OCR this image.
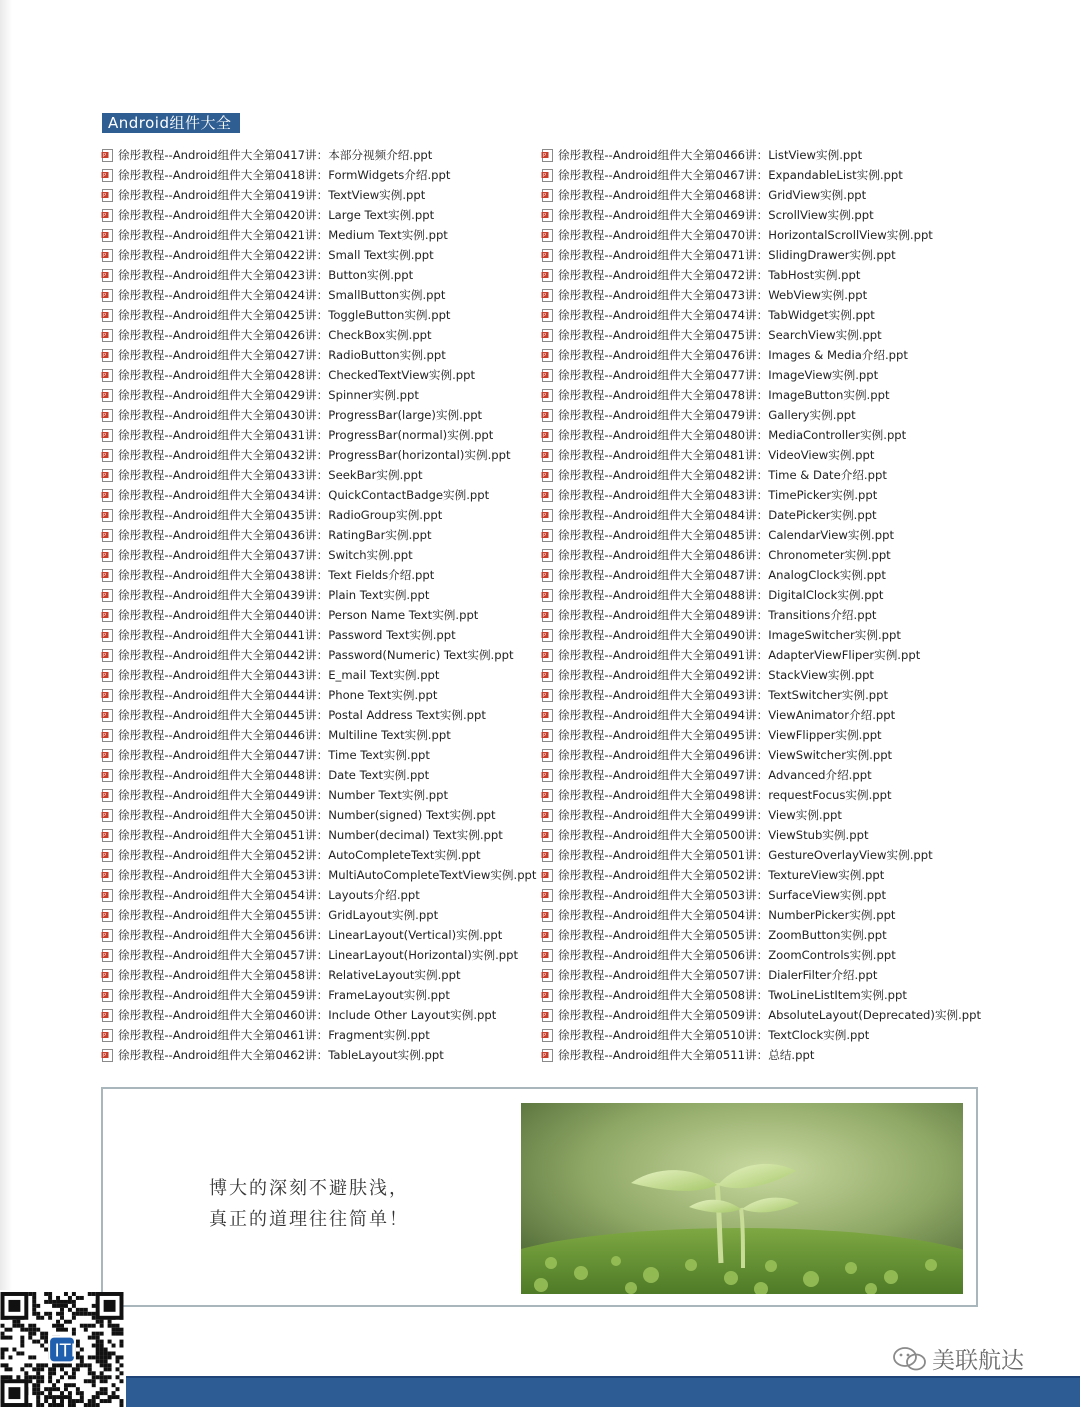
Android组件大全
P 徐彤教程--Android组件大全第0417讲：本部分视频介绍.ppt
P 徐彤教程--Android组件大全第0418讲：FormWidgets介绍.ppt
P 徐彤教程--Android组件大全第0419讲：TextView实例.ppt
P 徐彤教程--Android组件大全第0420讲：Large Text实例.ppt
P 徐彤教程--Android组件大全第0421讲：Medium Text实例.ppt
P 徐彤教程--Android组件大全第0422讲：Small Text实例.ppt
P 徐彤教程--Android组件大全第0423讲：Button实例.ppt
P 徐彤教程--Android组件大全第0424讲：SmallButton实例.ppt
P 徐彤教程--Android组件大全第0425讲：ToggleButton实例.ppt
P 徐彤教程--Android组件大全第0426讲：CheckBox实例.ppt
P 徐彤教程--Android组件大全第0427讲：RadioButton实例.ppt
P 徐彤教程--Android组件大全第0428讲：CheckedTextView实例.ppt
P 徐彤教程--Android组件大全第0429讲：Spinner实例.ppt
P 徐彤教程--Android组件大全第0430讲：ProgressBar(large)实例.ppt
P 徐彤教程--Android组件大全第0431讲：ProgressBar(normal)实例.ppt
P 徐彤教程--Android组件大全第0432讲：ProgressBar(horizontal)实例.ppt
P 徐彤教程--Android组件大全第0433讲：SeekBar实例.ppt
P 徐彤教程--Android组件大全第0434讲：QuickContactBadge实例.ppt
P 徐彤教程--Android组件大全第0435讲：RadioGroup实例.ppt
P 徐彤教程--Android组件大全第0436讲：RatingBar实例.ppt
P 徐彤教程--Android组件大全第0437讲：Switch实例.ppt
P 徐彤教程--Android组件大全第0438讲：Text Fields介绍.ppt
P 徐彤教程--Android组件大全第0439讲：Plain Text实例.ppt
P 徐彤教程--Android组件大全第0440讲：Person Name Text实例.ppt
P 徐彤教程--Android组件大全第0441讲：Password Text实例.ppt
P 徐彤教程--Android组件大全第0442讲：Password(Numeric) Text实例.ppt
P 徐彤教程--Android组件大全第0443讲：E_mail Text实例.ppt
P 徐彤教程--Android组件大全第0444讲：Phone Text实例.ppt
P 徐彤教程--Android组件大全第0445讲：Postal Address Text实例.ppt
P 徐彤教程--Android组件大全第0446讲：Multiline Text实例.ppt
P 徐彤教程--Android组件大全第0447讲：Time Text实例.ppt
P 徐彤教程--Android组件大全第0448讲：Date Text实例.ppt
P 徐彤教程--Android组件大全第0449讲：Number Text实例.ppt
P 徐彤教程--Android组件大全第0450讲：Number(signed) Text实例.ppt
P 徐彤教程--Android组件大全第0451讲：Number(decimal) Text实例.ppt
P 徐彤教程--Android组件大全第0452讲：AutoCompleteText实例.ppt
P 徐彤教程--Android组件大全第0453讲：MultiAutoCompleteTextView实例.ppt
P 徐彤教程--Android组件大全第0454讲：Layouts介绍.ppt
P 徐彤教程--Android组件大全第0455讲：GridLayout实例.ppt
P 徐彤教程--Android组件大全第0456讲：LinearLayout(Vertical)实例.ppt
P 徐彤教程--Android组件大全第0457讲：LinearLayout(Horizontal)实例.ppt
P 徐彤教程--Android组件大全第0458讲：RelativeLayout实例.ppt
P 徐彤教程--Android组件大全第0459讲：FrameLayout实例.ppt
P 徐彤教程--Android组件大全第0460讲：Include Other Layout实例.ppt
P 徐彤教程--Android组件大全第0461讲：Fragment实例.ppt
P 徐彤教程--Android组件大全第0462讲：TableLayout实例.ppt
P 徐彤教程--Android组件大全第0466讲：ListView实例.ppt
P 徐彤教程--Android组件大全第0467讲：ExpandableList实例.ppt
P 徐彤教程--Android组件大全第0468讲：GridView实例.ppt
P 徐彤教程--Android组件大全第0469讲：ScrollView实例.ppt
P 徐彤教程--Android组件大全第0470讲：HorizontalScrollView实例.ppt
P 徐彤教程--Android组件大全第0471讲：SlidingDrawer实例.ppt
P 徐彤教程--Android组件大全第0472讲：TabHost实例.ppt
P 徐彤教程--Android组件大全第0473讲：WebView实例.ppt
P 徐彤教程--Android组件大全第0474讲：TabWidget实例.ppt
P 徐彤教程--Android组件大全第0475讲：SearchView实例.ppt
P 徐彤教程--Android组件大全第0476讲：Images & Media介绍.ppt
P 徐彤教程--Android组件大全第0477讲：ImageView实例.ppt
P 徐彤教程--Android组件大全第0478讲：ImageButton实例.ppt
P 徐彤教程--Android组件大全第0479讲：Gallery实例.ppt
P 徐彤教程--Android组件大全第0480讲：MediaController实例.ppt
P 徐彤教程--Android组件大全第0481讲：VideoView实例.ppt
P 徐彤教程--Android组件大全第0482讲：Time & Date介绍.ppt
P 徐彤教程--Android组件大全第0483讲：TimePicker实例.ppt
P 徐彤教程--Android组件大全第0484讲：DatePicker实例.ppt
P 徐彤教程--Android组件大全第0485讲：CalendarView实例.ppt
P 徐彤教程--Android组件大全第0486讲：Chronometer实例.ppt
P 徐彤教程--Android组件大全第0487讲：AnalogClock实例.ppt
P 徐彤教程--Android组件大全第0488讲：DigitalClock实例.ppt
P 徐彤教程--Android组件大全第0489讲：Transitions介绍.ppt
P 徐彤教程--Android组件大全第0490讲：ImageSwitcher实例.ppt
P 徐彤教程--Android组件大全第0491讲：AdapterViewFliper实例.ppt
P 徐彤教程--Android组件大全第0492讲：StackView实例.ppt
P 徐彤教程--Android组件大全第0493讲：TextSwitcher实例.ppt
P 徐彤教程--Android组件大全第0494讲：ViewAnimator介绍.ppt
P 徐彤教程--Android组件大全第0495讲：ViewFlipper实例.ppt
P 徐彤教程--Android组件大全第0496讲：ViewSwitcher实例.ppt
P 徐彤教程--Android组件大全第0497讲：Advanced介绍.ppt
P 徐彤教程--Android组件大全第0498讲：requestFocus实例.ppt
P 徐彤教程--Android组件大全第0499讲：View实例.ppt
P 徐彤教程--Android组件大全第0500讲：ViewStub实例.ppt
P 徐彤教程--Android组件大全第0501讲：GestureOverlayView实例.ppt
P 徐彤教程--Android组件大全第0502讲：TextureView实例.ppt
P 徐彤教程--Android组件大全第0503讲：SurfaceView实例.ppt
P 徐彤教程--Android组件大全第0504讲：NumberPicker实例.ppt
P 徐彤教程--Android组件大全第0505讲：ZoomButton实例.ppt
P 徐彤教程--Android组件大全第0506讲：ZoomControls实例.ppt
P 徐彤教程--Android组件大全第0507讲：DialerFilter介绍.ppt
P 徐彤教程--Android组件大全第0508讲：TwoLineListItem实例.ppt
P 徐彤教程--Android组件大全第0509讲：AbsoluteLayout(Deprecated)实例.ppt
P 徐彤教程--Android组件大全第0510讲：TextClock实例.ppt
P 徐彤教程--Android组件大全第0511讲：总结.ppt
博大的深刻不避肤浅，
真正的道理往往简单！
ITI	美联航达
